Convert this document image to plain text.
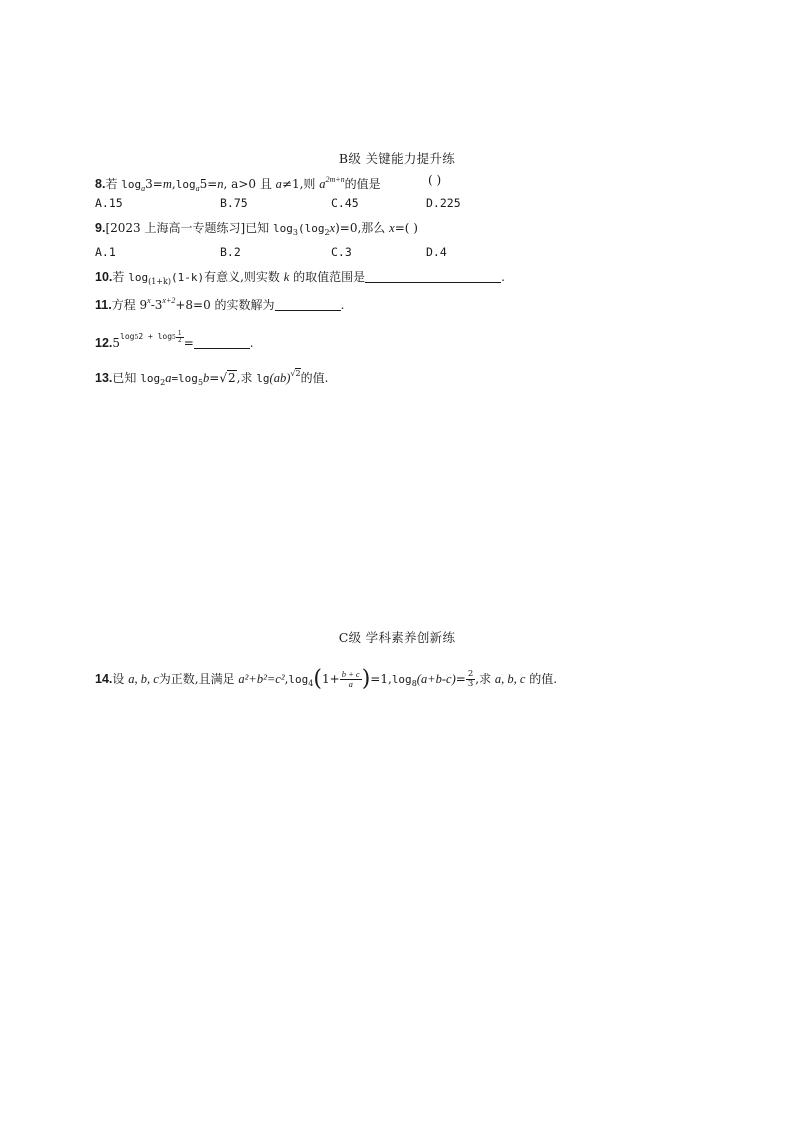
B级 关键能力提升练
8.若 $\log_a3=m,\log_a5=n$, a>0 且 a≠1,则 $a^{2m+n}$的值是	( )
A.15	B.75	C.45	D.225
9.[2023 上海高一专题练习]已知 $\log_3(\log_2x)=0$,那么 x=( )
A.1	B.2	C.3	D.4
10.若 $\log_{(1+k)}(1-k)$有意义,则实数 k 的取值范围是	.
11.方程 $9^x-3^{x+2}+8=0$ 的实数解为	.
$12.5^{log52 + log5 \frac{1}{2}}$ =	.
13.已知 $\log_2a=\log_5b=√2$,求 lg(ab)$^{√2}$的值.
C级 学科素养创新练
14.设 a, b, c为正数,且满足 $a^2+b^2=c^2,\log_4(1+ \frac{b + c}{a} )=1,\log_8(a+b-c)= \frac{2}{3}$ ,求 a, b, c 的值.
